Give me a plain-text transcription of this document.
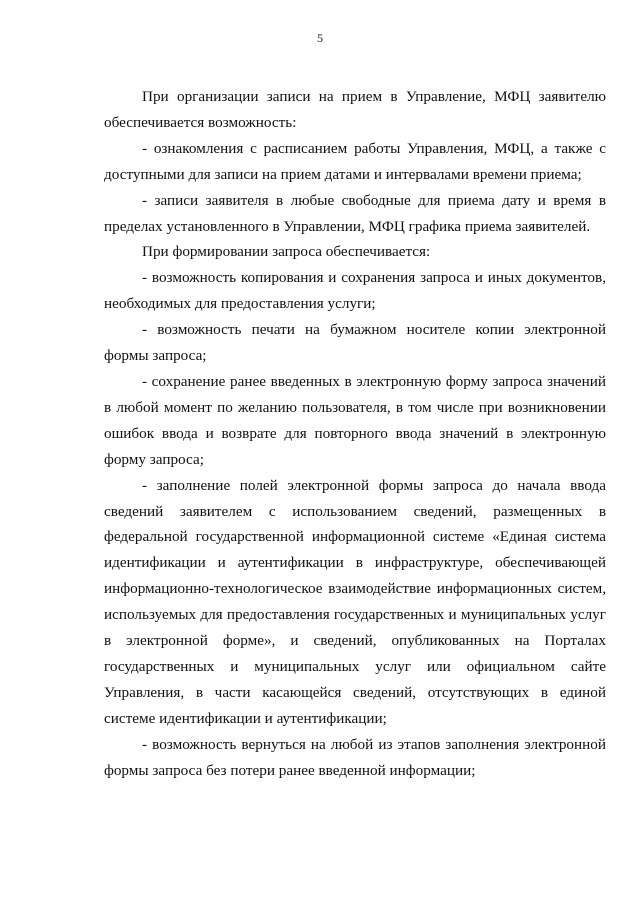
5

При организации записи на прием в Управление, МФЦ заявителю обеспечивается возможность:

- ознакомления с расписанием работы Управления, МФЦ, а также с доступными для записи на прием датами и интервалами времени приема;

- записи заявителя в любые свободные для приема дату и время в пределах установленного в Управлении, МФЦ графика приема заявителей.

При формировании запроса обеспечивается:

- возможность копирования и сохранения запроса и иных документов, необходимых для предоставления услуги;

- возможность печати на бумажном носителе копии электронной формы запроса;

- сохранение ранее введенных в электронную форму запроса значений в любой момент по желанию пользователя, в том числе при возникновении ошибок ввода и возврате для повторного ввода значений в электронную форму запроса;

- заполнение полей электронной формы запроса до начала ввода сведений заявителем с использованием сведений, размещенных в федеральной государственной информационной системе «Единая система идентификации и аутентификации в инфраструктуре, обеспечивающей информационно-технологическое взаимодействие информационных систем, используемых для предоставления государственных и муниципальных услуг в электронной форме», и сведений, опубликованных на Порталах государственных и муниципальных услуг или официальном сайте Управления, в части касающейся сведений, отсутствующих в единой системе идентификации и аутентификации;

- возможность вернуться на любой из этапов заполнения электронной формы запроса без потери ранее введенной информации;
